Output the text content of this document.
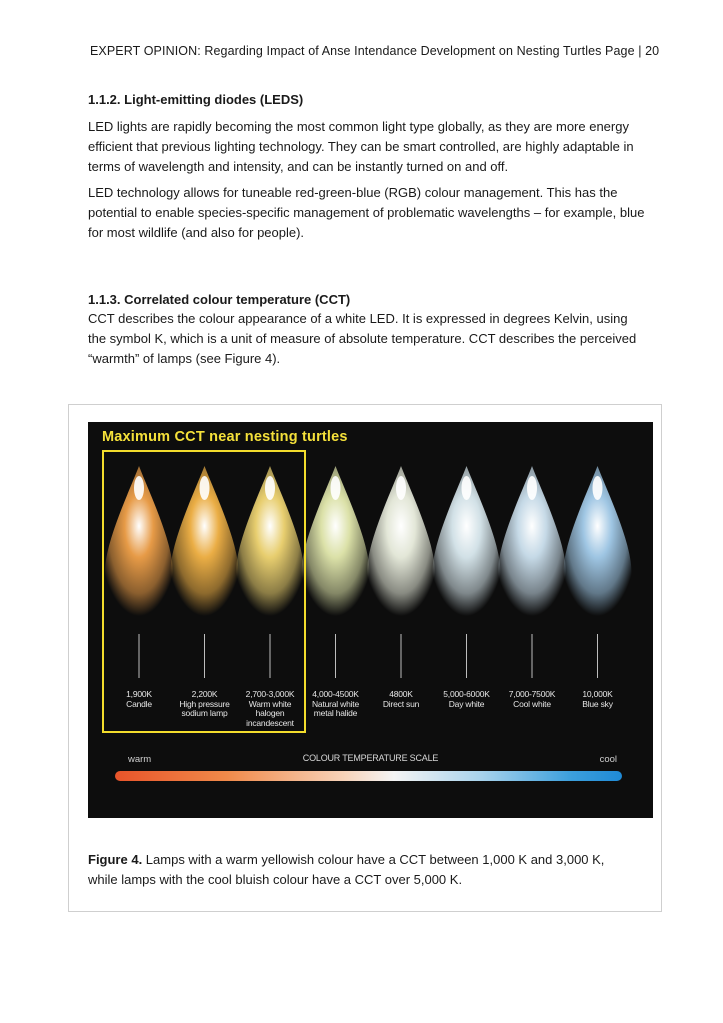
EXPERT OPINION: Regarding Impact of Anse Intendance Development on Nesting Turtles Page | 20
1.1.2. Light-emitting diodes (LEDS)

LED lights are rapidly becoming the most common light type globally, as they are more energy efficient that previous lighting technology. They can be smart controlled, are highly adaptable in terms of wavelength and intensity, and can be instantly turned on and off.

LED technology allows for tuneable red-green-blue (RGB) colour management. This has the potential to enable species-specific management of problematic wavelengths – for example, blue for most wildlife (and also for people).

1.1.3. Correlated colour temperature (CCT)

CCT describes the colour appearance of a white LED. It is expressed in degrees Kelvin, using the symbol K, which is a unit of measure of absolute temperature. CCT describes the perceived “warmth” of lamps (see Figure 4).

Maximum CCT near nesting turtles
1,900K
Candle
2,200K
High pressure sodium lamp
2,700-3,000K
Warm white halogen incandescent
4,000-4500K
Natural white metal halide
4800K
Direct sun
5,000-6000K
Day white
7,000-7500K
Cool white
10,000K
Blue sky
warm	COLOUR TEMPERATURE SCALE	cool

Figure 4. Lamps with a warm yellowish colour have a CCT between 1,000 K and 3,000 K, while lamps with the cool bluish colour have a CCT over 5,000 K.
